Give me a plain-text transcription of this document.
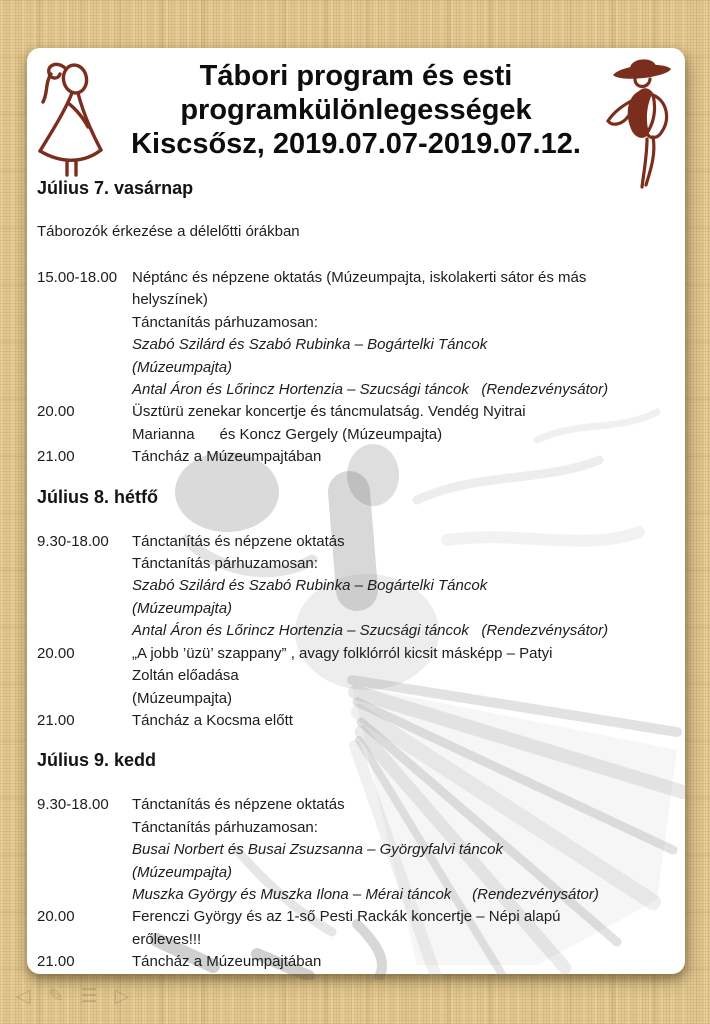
Tábori program és esti
programkülönlegességek
Kiscsősz, 2019.07.07-2019.07.12.
Július 7. vasárnap

Táborozók érkezése a délelőtti órákban

15.00-18.00 Néptánc és népzene oktatás (Múzeumpajta, iskolakerti sátor és más
helyszínek)
Tánctanítás párhuzamosan:
Szabó Szilárd és Szabó Rubinka – Bogártelki Táncok
(Múzeumpajta)
Antal Áron és Lőrincz Hortenzia – Szucsági táncok   (Rendezvénysátor)
20.00	Üsztürü zenekar koncertje és táncmulatság. Vendég Nyitrai
Marianna      és Koncz Gergely (Múzeumpajta)
21.00	Táncház a Múzeumpajtában
Július 8. hétfő
9.30-18.00	Tánctanítás és népzene oktatás
Tánctanítás párhuzamosan:
Szabó Szilárd és Szabó Rubinka – Bogártelki Táncok
(Múzeumpajta)
Antal Áron és Lőrincz Hortenzia – Szucsági táncok   (Rendezvénysátor)
20.00	„A jobb ’üzü’ szappany” , avagy folklórról kicsit másképp – Patyi
Zoltán előadása
(Múzeumpajta)
21.00	Táncház a Kocsma előtt
Július 9. kedd
9.30-18.00	Tánctanítás és népzene oktatás
Tánctanítás párhuzamosan:
Busai Norbert és Busai Zsuzsanna – Györgyfalvi táncok
(Múzeumpajta)
Muszka György és Muszka Ilona – Mérai táncok     (Rendezvénysátor)
20.00	Ferenczi György és az 1-ső Pesti Rackák koncertje – Népi alapú
erőleves!!!
21.00	Táncház a Múzeumpajtában
◁ ✎ ☰ ▷
